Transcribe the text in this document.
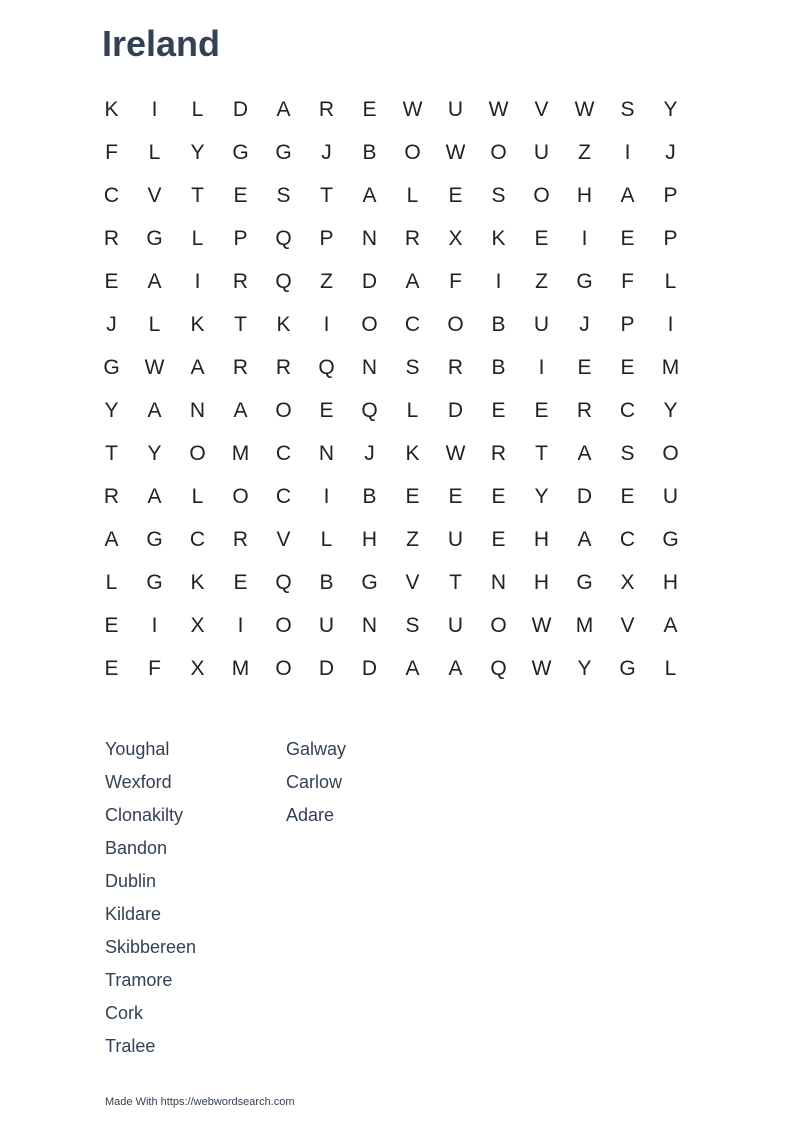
Ireland
K	I	L	D	A	R	E	W	U	W	V	W	S	Y
F	L	Y	G	G	J	B	O	W	O	U	Z	I	J
C	V	T	E	S	T	A	L	E	S	O	H	A	P
R	G	L	P	Q	P	N	R	X	K	E	I	E	P
E	A	I	R	Q	Z	D	A	F	I	Z	G	F	L
J	L	K	T	K	I	O	C	O	B	U	J	P	I
G	W	A	R	R	Q	N	S	R	B	I	E	E	M
Y	A	N	A	O	E	Q	L	D	E	E	R	C	Y
T	Y	O	M	C	N	J	K	W	R	T	A	S	O
R	A	L	O	C	I	B	E	E	E	Y	D	E	U
A	G	C	R	V	L	H	Z	U	E	H	A	C	G
L	G	K	E	Q	B	G	V	T	N	H	G	X	H
E	I	X	I	O	U	N	S	U	O	W	M	V	A
E	F	X	M	O	D	D	A	A	Q	W	Y	G	L
Youghal
Wexford
Clonakilty
Bandon
Dublin
Kildare
Skibbereen
Tramore
Cork
Tralee
Galway
Carlow
Adare
Made With https://webwordsearch.com
